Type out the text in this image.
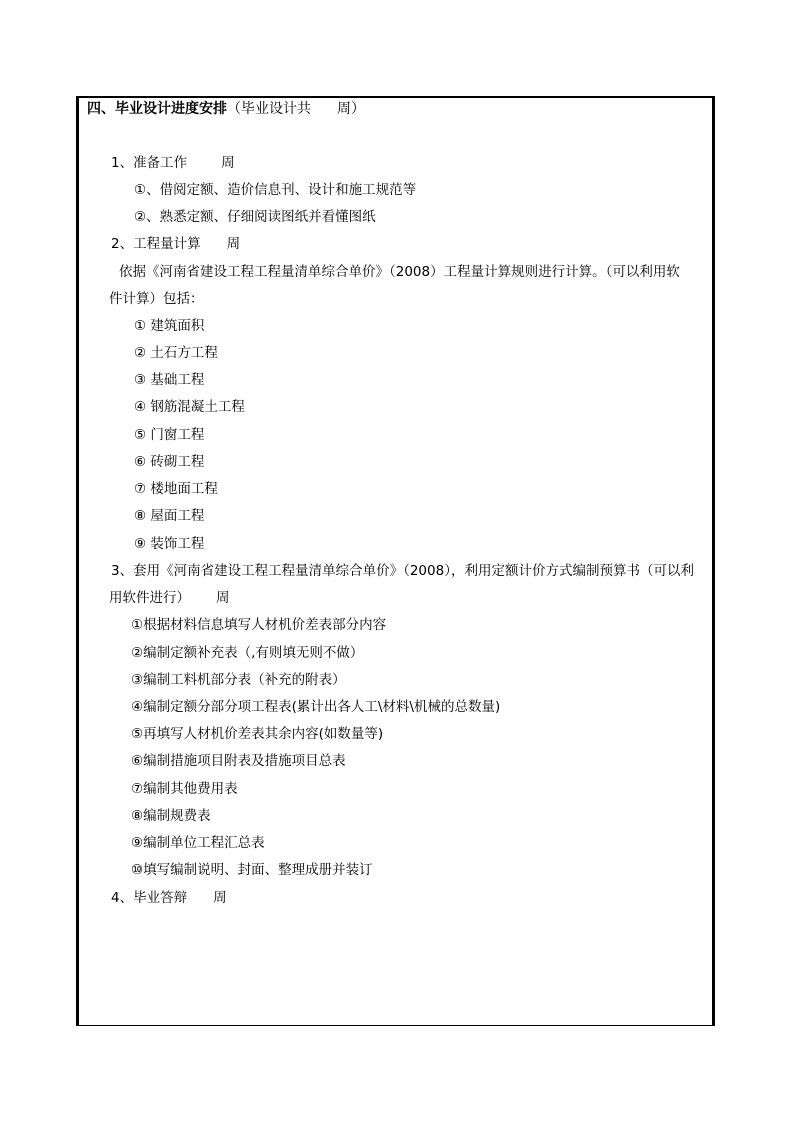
四、毕业设计进度安排（毕业设计共 周）
1、准备工作	周
①、借阅定额、造价信息刊、设计和施工规范等
②、熟悉定额、仔细阅读图纸并看懂图纸
2、工程量计算 周
依据《河南省建设工程工程量清单综合单价》（2008）工程量计算规则进行计算。（可以利用软
件计算）包括：
① 建筑面积
② 土石方工程
③ 基础工程
④ 钢筋混凝土工程
⑤ 门窗工程
⑥ 砖砌工程
⑦ 楼地面工程
⑧ 屋面工程
⑨ 装饰工程
3、套用《河南省建设工程工程量清单综合单价》（2008），利用定额计价方式编制预算书（可以利
用软件进行） 周
①根据材料信息填写人材机价差表部分内容
②编制定额补充表（,有则填无则不做）
③编制工料机部分表（补充的附表）
④编制定额分部分项工程表(累计出各人工\材料\机械的总数量)
⑤再填写人材机价差表其余内容(如数量等)
⑥编制措施项目附表及措施项目总表
⑦编制其他费用表
⑧编制规费表
⑨编制单位工程汇总表
⑩填写编制说明、封面、整理成册并装订
4、毕业答辩 周
